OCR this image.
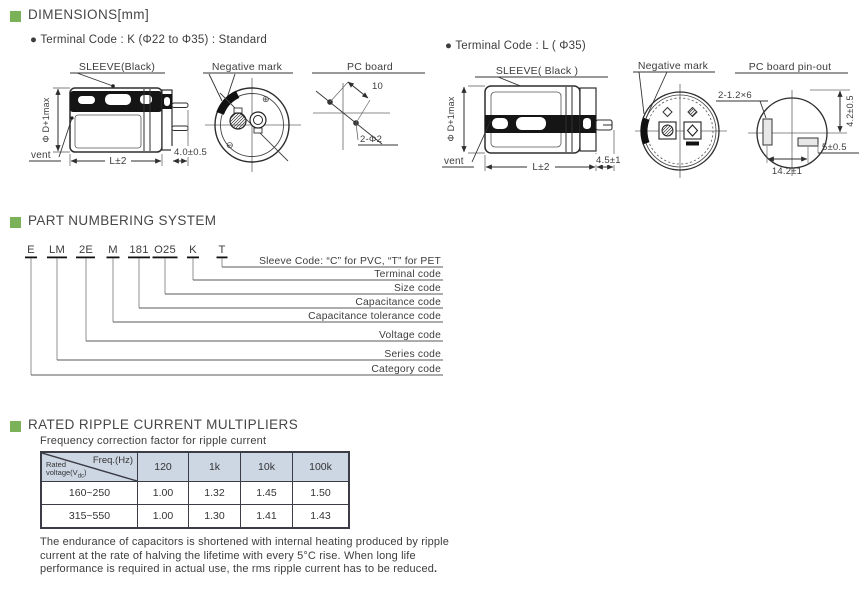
DIMENSIONS[mm]
● Terminal Code : K (Φ22 to Φ35) : Standard	● Terminal Code : L ( Φ35)
SLEEVE(Black)
Φ D+1max
vent
L±2
4.0±0.5
Negative mark
⊕
⊖
PC board
10
2-Φ2
SLEEVE( Black )
Φ D+1max
vent
L±2
4.5±1
Negative mark	PC board pin-out
2-1.2×6	4.2±0.5
5±0.5
14.2±1
PART NUMBERING SYSTEM
E LM 2E M 181 O25 K T
Sleeve Code: “C” for PVC, “T” for PET
Terminal code
Size code
Capacitance code
Capacitance tolerance code
Voltage code
Series code
Category code
RATED RIPPLE CURRENT MULTIPLIERS
Frequency correction factor for ripple current
Freq.(Hz)
Rated
$voltage(V_{dc})$	120	1k	10k	100k
160~250	1.00	1.32	1.45	1.50
315~550	1.00	1.30	1.41	1.43
The endurance of capacitors is shortened with internal heating produced by ripple
current at the rate of halving the lifetime with every 5°C rise. When long life
performance is required in actual use, the rms ripple current has to be reduced.
